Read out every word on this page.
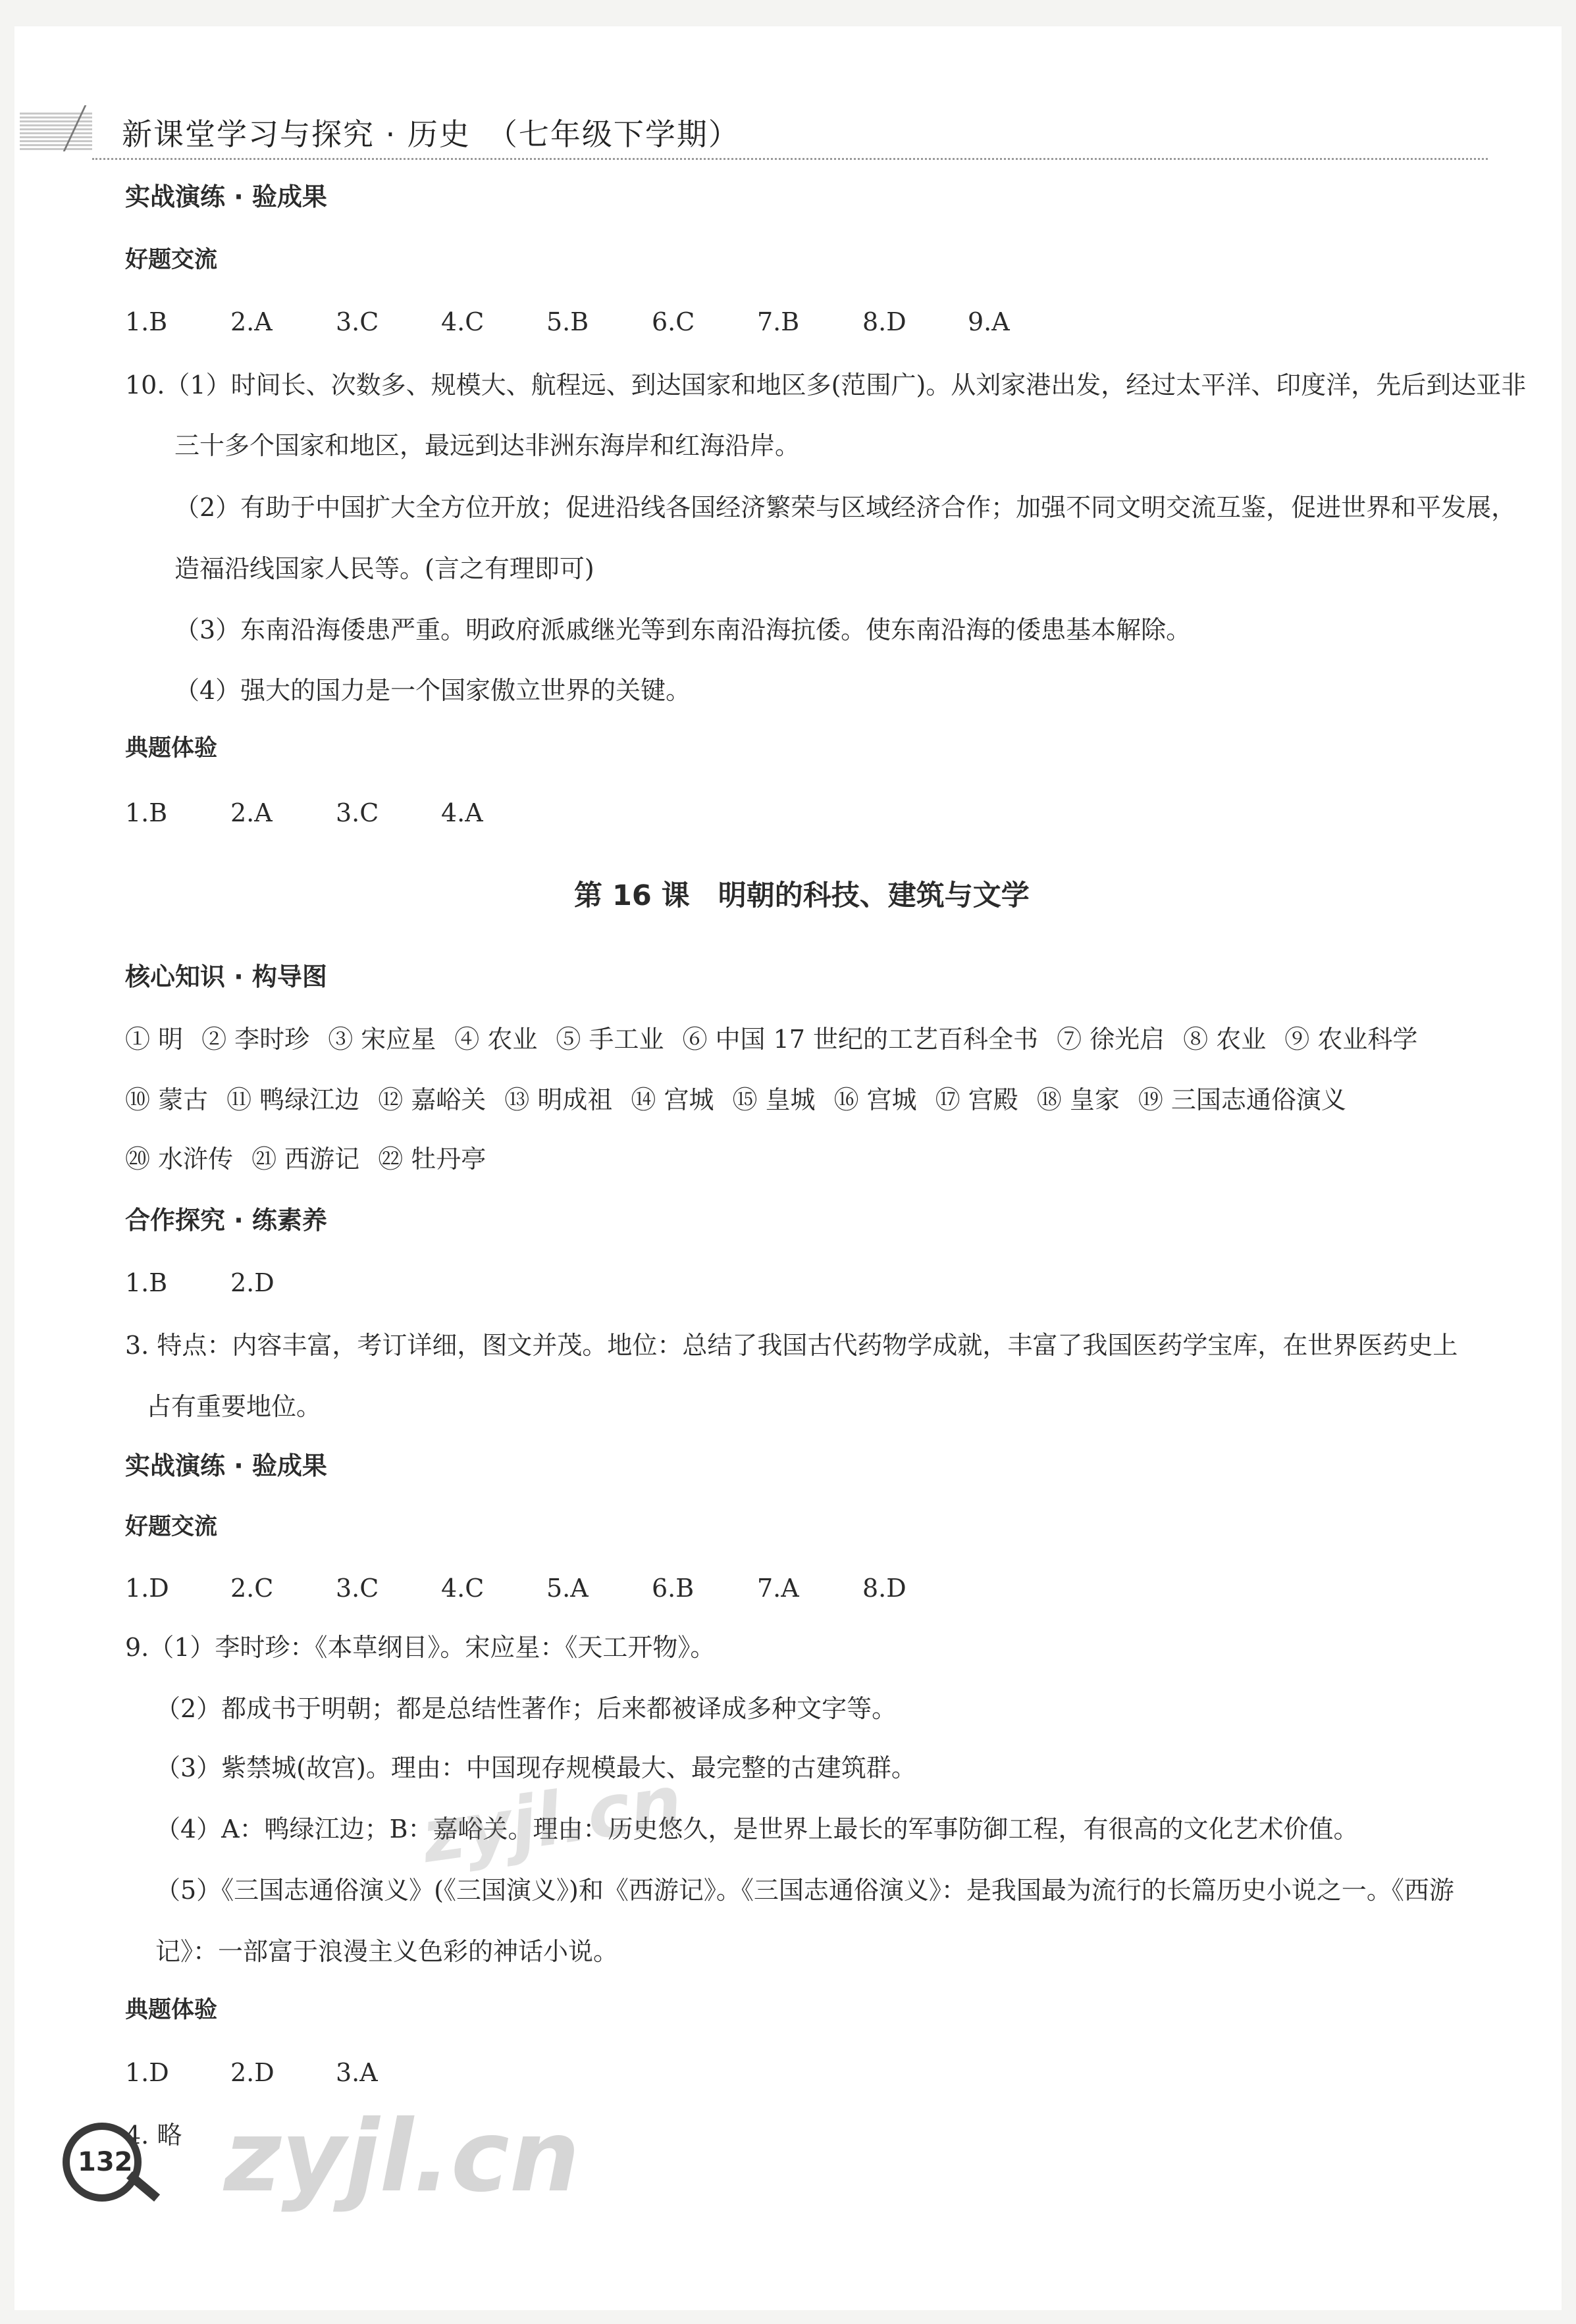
新课堂学习与探究 · 历史　（七年级下学期）
实战演练 · 验成果
好题交流
1.B	2.A	3.C 4.C 5.B	6.C 7.B	8.D 9.A
10.（1）时间长、次数多、规模大、航程远、到达国家和地区多(范围广)。从刘家港出发，经过太平洋、印度洋，先后到达亚非
三十多个国家和地区，最远到达非洲东海岸和红海沿岸。
（2）有助于中国扩大全方位开放；促进沿线各国经济繁荣与区域经济合作；加强不同文明交流互鉴，促进世界和平发展，
造福沿线国家人民等。(言之有理即可)
（3）东南沿海倭患严重。明政府派戚继光等到东南沿海抗倭。使东南沿海的倭患基本解除。
（4）强大的国力是一个国家傲立世界的关键。
典题体验
1.B	2.A	3.C 4.A
第 16 课　明朝的科技、建筑与文学
核心知识 · 构导图
① 明 ② 李时珍 ③ 宋应星 ④ 农业 ⑤ 手工业 ⑥ 中国 17 世纪的工艺百科全书 ⑦ 徐光启 ⑧ 农业 ⑨ 农业科学
⑩ 蒙古 ⑪ 鸭绿江边 ⑫ 嘉峪关 ⑬ 明成祖 ⑭ 宫城 ⑮ 皇城 ⑯ 宫城 ⑰ 宫殿 ⑱ 皇家 ⑲ 三国志通俗演义
⑳ 水浒传 ㉑ 西游记 ㉒ 牡丹亭
合作探究 · 练素养
1.B	2.D
3. 特点：内容丰富，考订详细，图文并茂。地位：总结了我国古代药物学成就，丰富了我国医药学宝库，在世界医药史上
占有重要地位。
实战演练 · 验成果
好题交流
1.D 2.C 3.C 4.C 5.A	6.B	7.A	8.D
9.（1）李时珍：《本草纲目》。宋应星：《天工开物》。
（2）都成书于明朝；都是总结性著作；后来都被译成多种文字等。
（3）紫禁城(故宫)。理由：中国现存规模最大、最完整的古建筑群。
（4）A：鸭绿江边；B：嘉峪关。理由：历史悠久，是世界上最长的军事防御工程，有很高的文化艺术价值。
（5）《三国志通俗演义》(《三国演义》)和《西游记》。《三国志通俗演义》：是我国最为流行的长篇历史小说之一。《西游
记》：一部富于浪漫主义色彩的神话小说。
典题体验
1.D 2.D 3.A
4. 略
zyjl.cn
zyjl.cn
132
